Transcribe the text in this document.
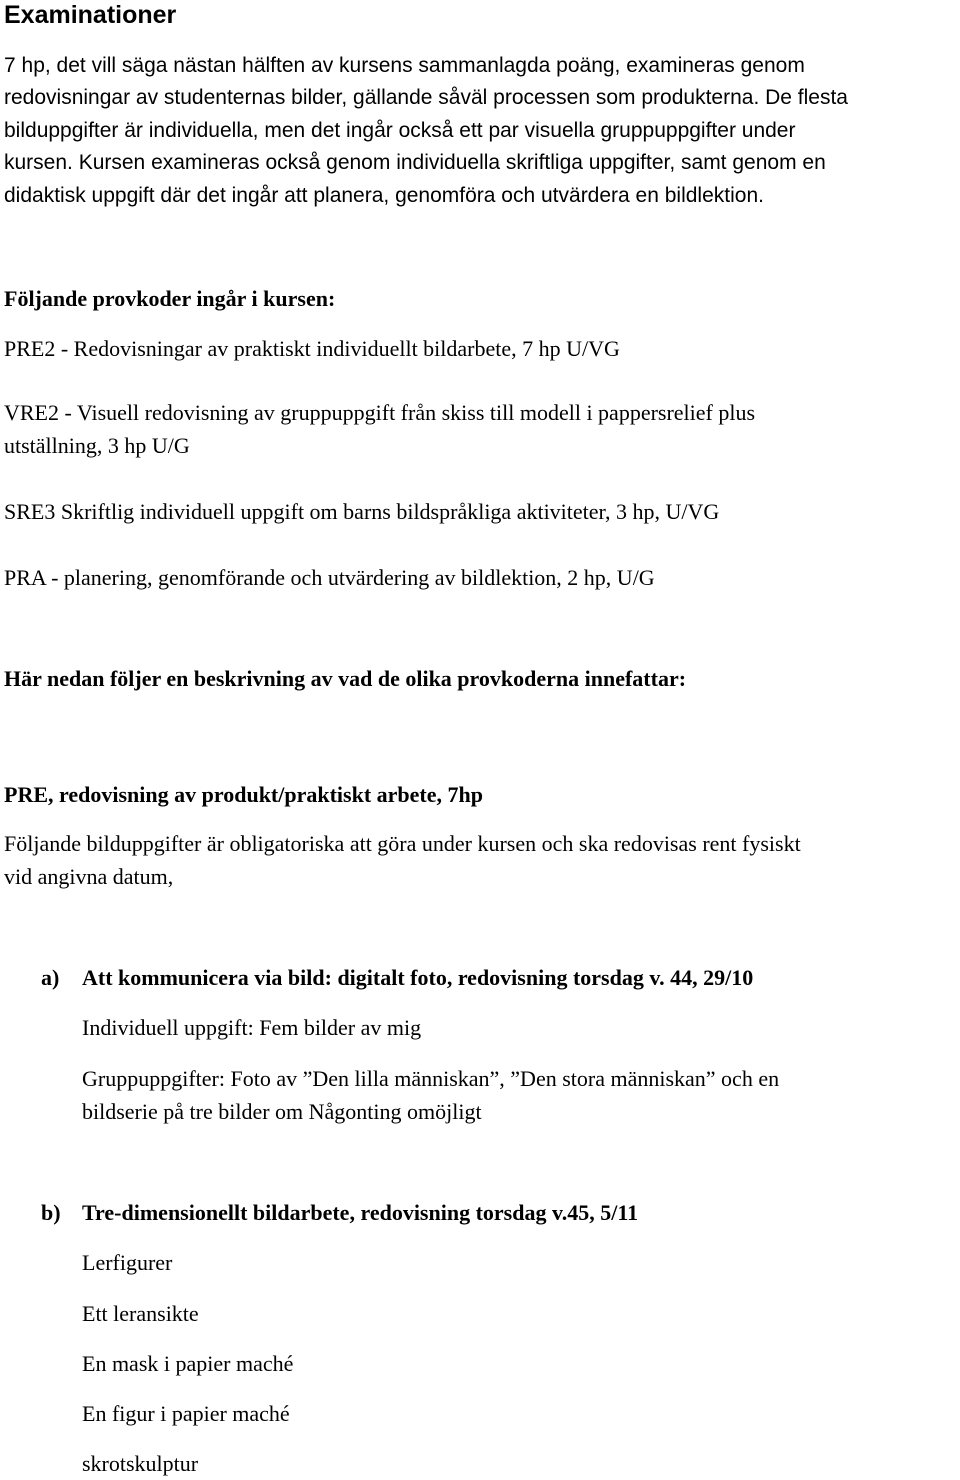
Examinationer

7 hp, det vill säga nästan hälften av kursens sammanlagda poäng, examineras genom

redovisningar av studenternas bilder, gällande såväl processen som produkterna. De flesta

bilduppgifter är individuella, men det ingår också ett par visuella gruppuppgifter under

kursen. Kursen examineras också genom individuella skriftliga uppgifter, samt genom en

didaktisk uppgift där det ingår att planera, genomföra och utvärdera en bildlektion.

Följande provkoder ingår i kursen:

PRE2 - Redovisningar av praktiskt individuellt bildarbete, 7 hp U/VG

VRE2 - Visuell redovisning av gruppuppgift från skiss till modell i pappersrelief plus

utställning, 3 hp U/G

SRE3 Skriftlig individuell uppgift om barns bildspråkliga aktiviteter, 3 hp, U/VG

PRA - planering, genomförande och utvärdering av bildlektion, 2 hp, U/G

Här nedan följer en beskrivning av vad de olika provkoderna innefattar:

PRE, redovisning av produkt/praktiskt arbete, 7hp

Följande bilduppgifter är obligatoriska att göra under kursen och ska redovisas rent fysiskt

vid angivna datum,

a) Att kommunicera via bild: digitalt foto, redovisning torsdag v. 44, 29/10

Individuell uppgift: Fem bilder av mig

Gruppuppgifter: Foto av ”Den lilla människan”, ”Den stora människan” och en

bildserie på tre bilder om Någonting omöjligt

b) Tre-dimensionellt bildarbete, redovisning torsdag v.45, 5/11

Lerfigurer

Ett leransikte

En mask i papier maché

En figur i papier maché

skrotskulptur
